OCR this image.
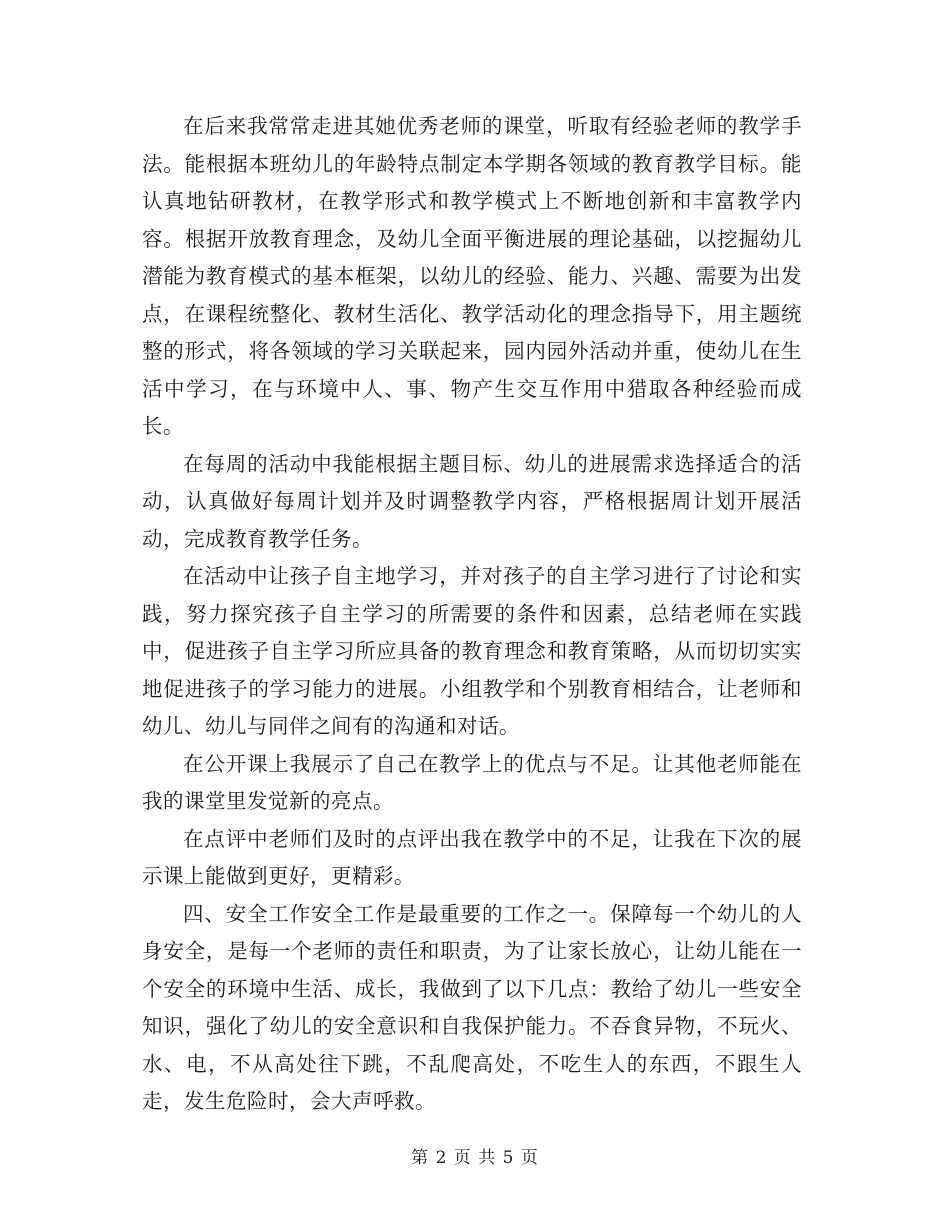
在后来我常常走进其她优秀老师的课堂，听取有经验老师的教学手法。能根据本班幼儿的年龄特点制定本学期各领域的教育教学目标。能认真地钻研教材，在教学形式和教学模式上不断地创新和丰富教学内容。根据开放教育理念，及幼儿全面平衡进展的理论基础，以挖掘幼儿潜能为教育模式的基本框架，以幼儿的经验、能力、兴趣、需要为出发点，在课程统整化、教材生活化、教学活动化的理念指导下，用主题统整的形式，将各领域的学习关联起来，园内园外活动并重，使幼儿在生活中学习，在与环境中人、事、物产生交互作用中猎取各种经验而成长。

在每周的活动中我能根据主题目标、幼儿的进展需求选择适合的活动，认真做好每周计划并及时调整教学内容，严格根据周计划开展活动，完成教育教学任务。

在活动中让孩子自主地学习，并对孩子的自主学习进行了讨论和实践，努力探究孩子自主学习的所需要的条件和因素，总结老师在实践中，促进孩子自主学习所应具备的教育理念和教育策略，从而切切实实地促进孩子的学习能力的进展。小组教学和个别教育相结合，让老师和幼儿、幼儿与同伴之间有的沟通和对话。

在公开课上我展示了自己在教学上的优点与不足。让其他老师能在我的课堂里发觉新的亮点。

在点评中老师们及时的点评出我在教学中的不足，让我在下次的展示课上能做到更好，更精彩。

四、安全工作安全工作是最重要的工作之一。保障每一个幼儿的人身安全，是每一个老师的责任和职责，为了让家长放心，让幼儿能在一个安全的环境中生活、成长，我做到了以下几点：教给了幼儿一些安全知识，强化了幼儿的安全意识和自我保护能力。不吞食异物，不玩火、水、电，不从高处往下跳，不乱爬高处，不吃生人的东西，不跟生人走，发生危险时，会大声呼救。

第 2 页 共 5 页
